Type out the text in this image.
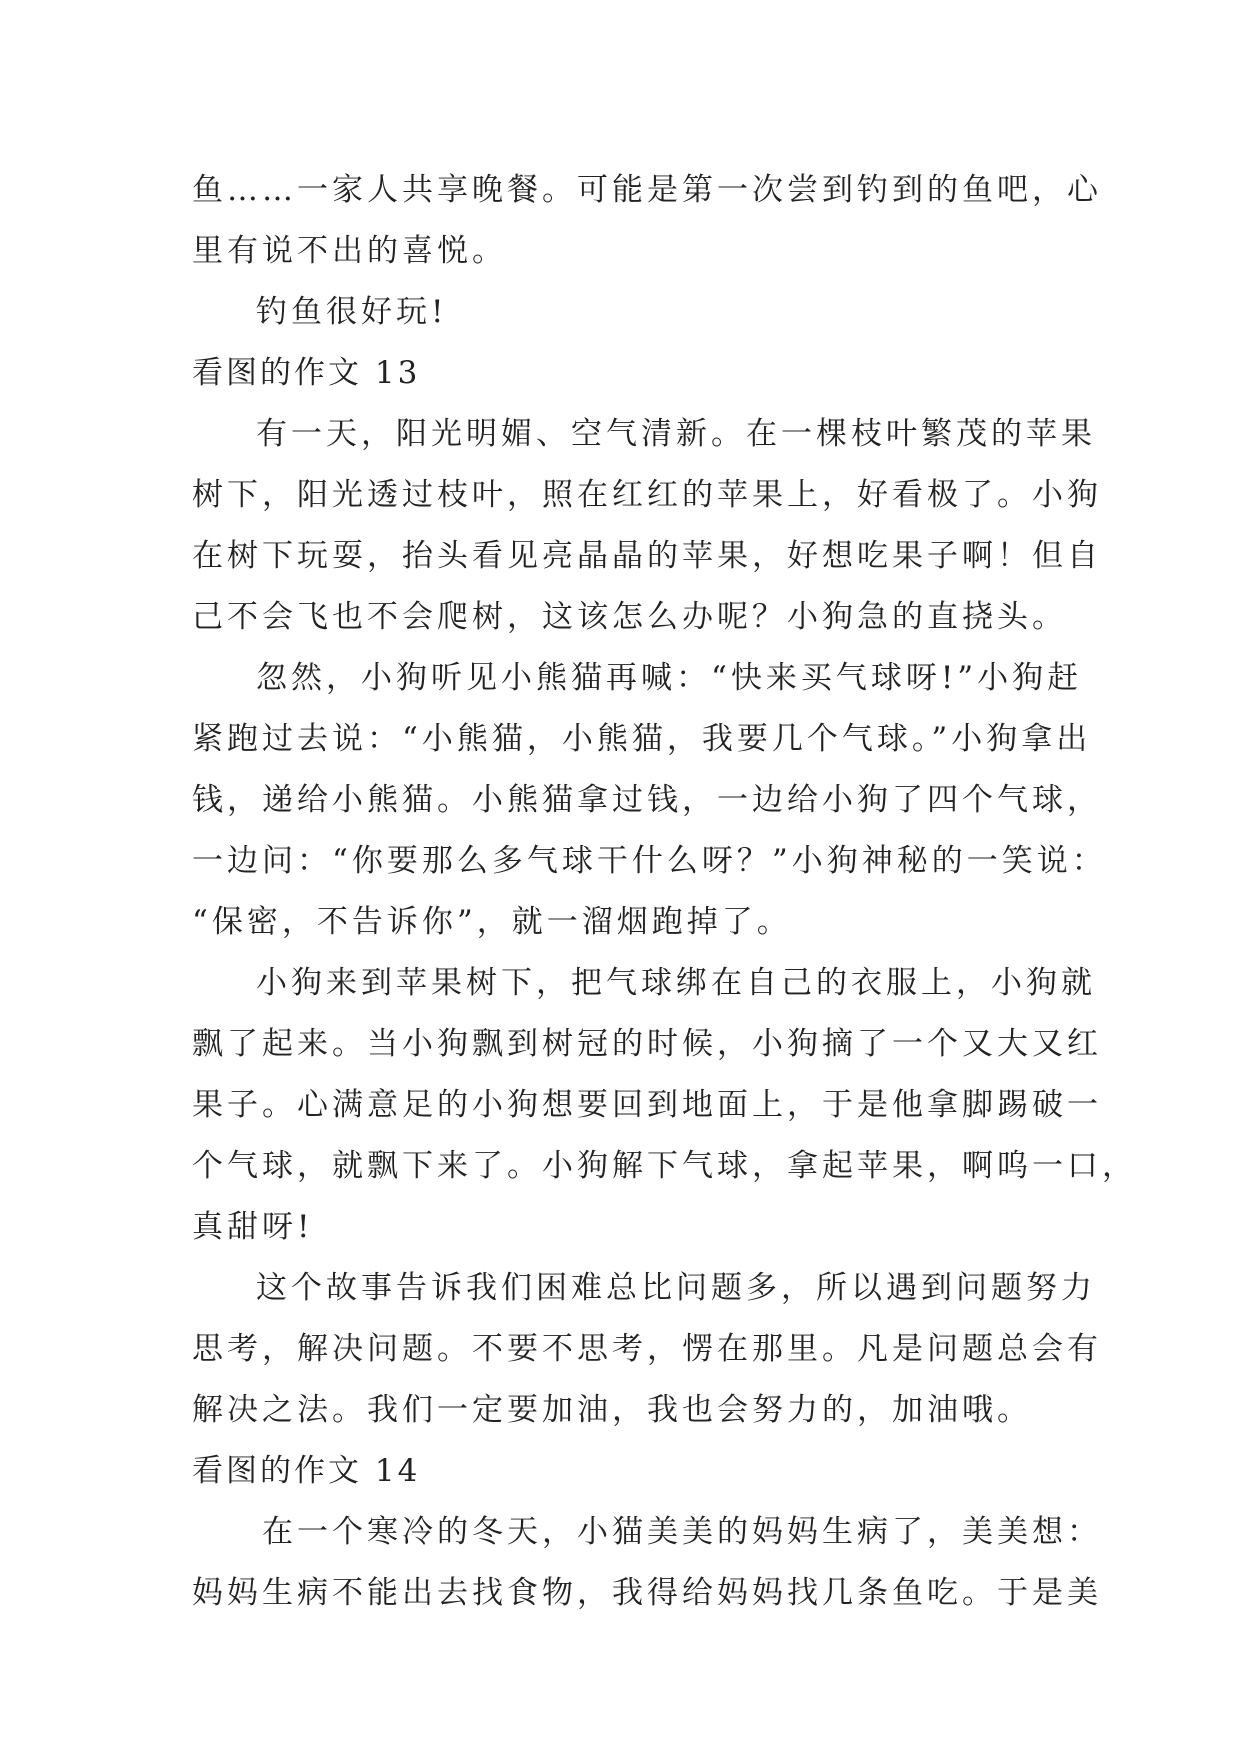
鱼……一家人共享晚餐。可能是第一次尝到钓到的鱼吧，心
里有说不出的喜悦。
钓鱼很好玩!
看图的作文 13
有一天，阳光明媚、空气清新。在一棵枝叶繁茂的苹果
树下，阳光透过枝叶，照在红红的苹果上，好看极了。小狗
在树下玩耍，抬头看见亮晶晶的苹果，好想吃果子啊！但自
己不会飞也不会爬树，这该怎么办呢？小狗急的直挠头。
忽然，小狗听见小熊猫再喊：“快来买气球呀!”小狗赶
紧跑过去说：“小熊猫，小熊猫，我要几个气球。”小狗拿出
钱，递给小熊猫。小熊猫拿过钱，一边给小狗了四个气球，
一边问：“你要那么多气球干什么呀？”小狗神秘的一笑说：
“保密，不告诉你”，就一溜烟跑掉了。
小狗来到苹果树下，把气球绑在自己的衣服上，小狗就
飘了起来。当小狗飘到树冠的时候，小狗摘了一个又大又红
果子。心满意足的小狗想要回到地面上，于是他拿脚踢破一
个气球，就飘下来了。小狗解下气球，拿起苹果，啊呜一口，
真甜呀!
这个故事告诉我们困难总比问题多，所以遇到问题努力
思考，解决问题。不要不思考，愣在那里。凡是问题总会有
解决之法。我们一定要加油，我也会努力的，加油哦。
看图的作文 14
在一个寒冷的冬天，小猫美美的妈妈生病了，美美想：
妈妈生病不能出去找食物，我得给妈妈找几条鱼吃。于是美
